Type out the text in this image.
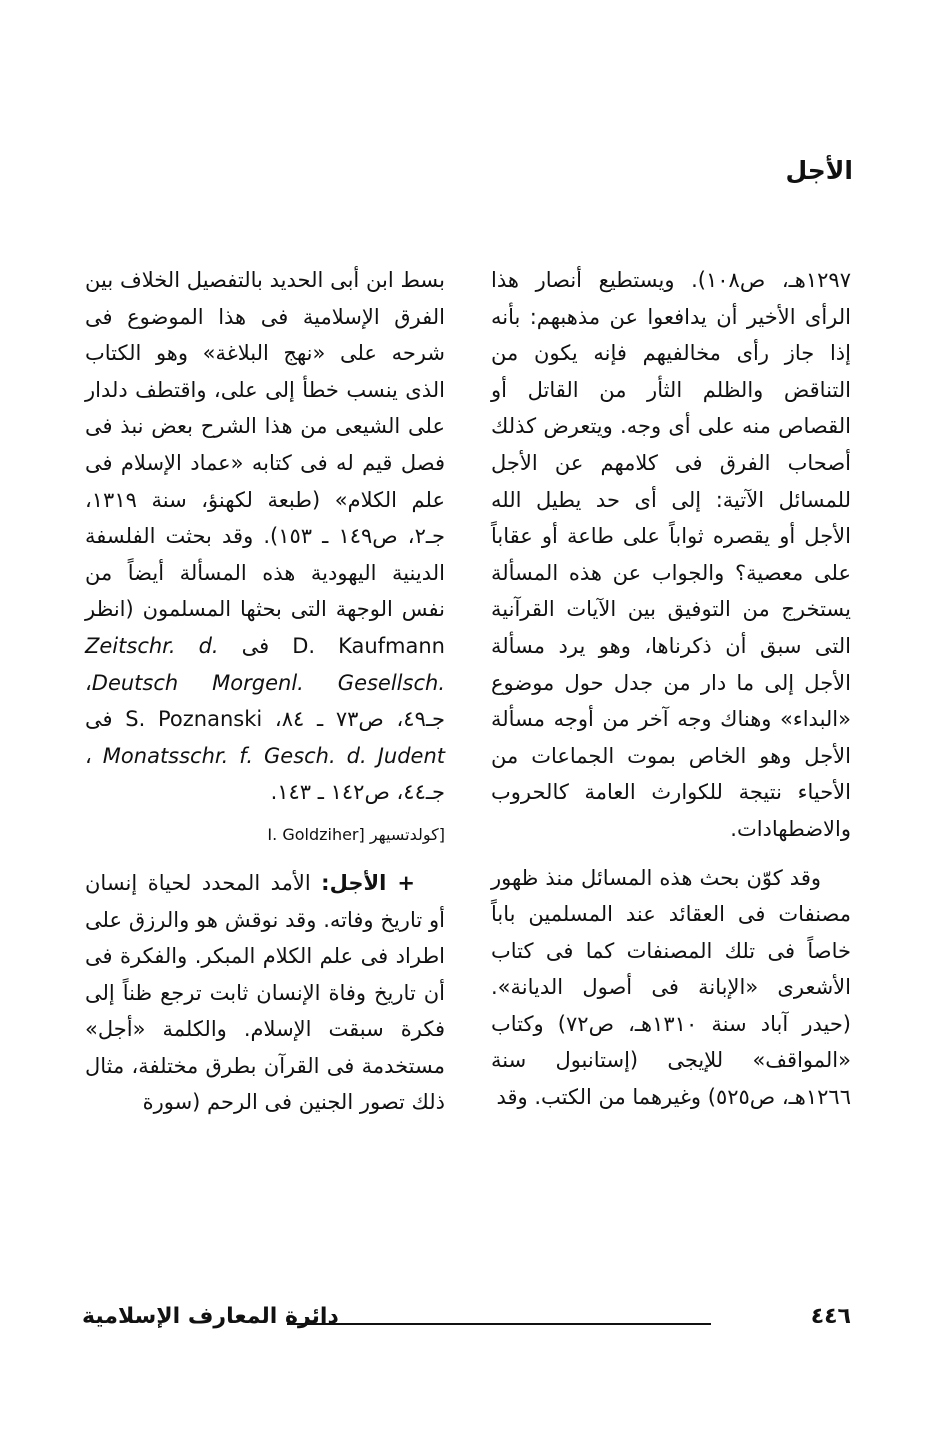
الأجل

١٢٩٧هـ، ص١٠٨). ويستطيع أنصار هذا الرأى الأخير أن يدافعوا عن مذهبهم: بأنه إذا جاز رأى مخالفيهم فإنه يكون من التناقض والظلم الثأر من القاتل أو القصاص منه على أى وجه. ويتعرض كذلك أصحاب الفرق فى كلامهم عن الأجل للمسائل الآتية: إلى أى حد يطيل الله الأجل أو يقصره ثواباً على طاعة أو عقاباً على معصية؟ والجواب عن هذه المسألة يستخرج من التوفيق بين الآيات القرآنية التى سبق أن ذكرناها، وهو يرد مسألة الأجل إلى ما دار من جدل حول موضوع «البداء» وهناك وجه آخر من أوجه مسألة الأجل وهو الخاص بموت الجماعات من الأحياء نتيجة للكوارث العامة كالحروب والاضطهادات.

وقد كوّن بحث هذه المسائل منذ ظهور مصنفات فى العقائد عند المسلمين باباً خاصاً فى تلك المصنفات كما فى كتاب الأشعرى «الإبانة فى أصول الديانة». (حيدر آباد سنة ١٣١٠هـ، ص٧٢) وكتاب «المواقف» للإيجى (إستانبول سنة ١٢٦٦هـ، ص٥٢٥) وغيرهما من الكتب. وقد

بسط ابن أبى الحديد بالتفصيل الخلاف بين الفرق الإسلامية فى هذا الموضوع فى شرحه على «نهج البلاغة» وهو الكتاب الذى ينسب خطأ إلى على، واقتطف دلدار على الشيعى من هذا الشرح بعض نبذ فى فصل قيم له فى كتابه «عماد الإسلام فى علم الكلام» (طبعة لكهنؤ، سنة ١٣١٩، جـ٢، ص١٤٩ ـ ١٥٣). وقد بحثت الفلسفة الدينية اليهودية هذه المسألة أيضاً من نفس الوجهة التى بحثها المسلمون (انظر D. Kaufmann فى Zeitschr. d. Deutsch Morgenl. Gesellsch.، جـ٤٩، ص٧٣ ـ ٨٤، S. Poznanski فى Monatsschr. f. Gesch. d. Judent ، جـ٤٤، ص١٤٢ ـ ١٤٣.

[كولدتسيهر I. Goldziher]

+ الأجل: الأمد المحدد لحياة إنسان أو تاريخ وفاته. وقد نوقش هو والرزق على اطراد فى علم الكلام المبكر. والفكرة فى أن تاريخ وفاة الإنسان ثابت ترجع ظناً إلى فكرة سبقت الإسلام. والكلمة «أجل» مستخدمة فى القرآن بطرق مختلفة، مثال ذلك تصور الجنين فى الرحم (سورة

٤٤٦
دائرة المعارف الإسلامية
